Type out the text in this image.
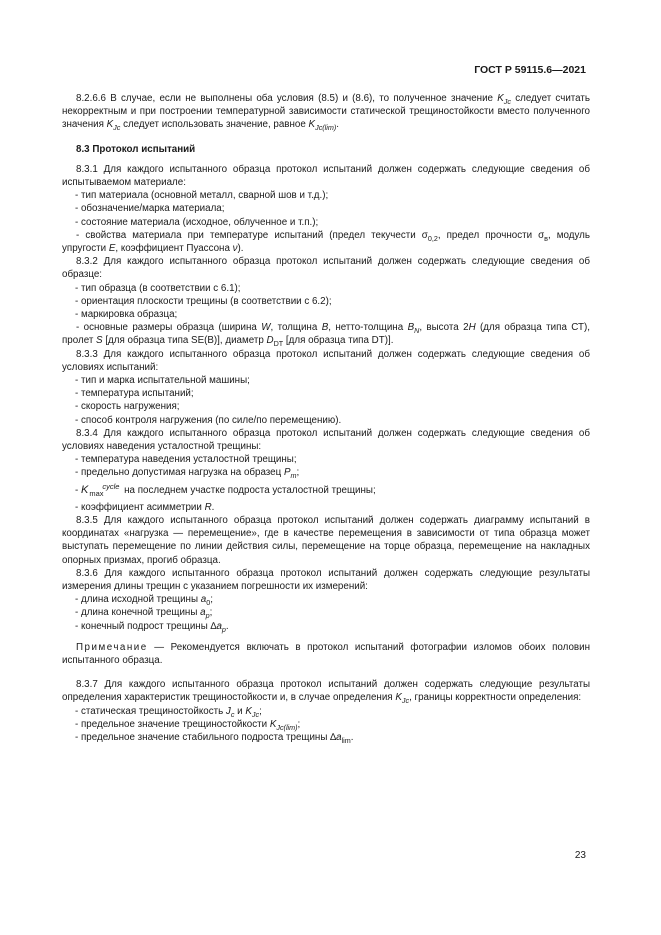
ГОСТ Р 59115.6—2021

8.2.6.6 В случае, если не выполнены оба условия (8.5) и (8.6), то полученное значение $K_{Jc}$ следует считать некорректным и при построении температурной зависимости статической трещиностойкости вместо полученного значения $K_{Jc}$ следует использовать значение, равное $K_{Jc(lim)}$.

8.3 Протокол испытаний

8.3.1 Для каждого испытанного образца протокол испытаний должен содержать следующие сведения об испытываемом материале:

- тип материала (основной металл, сварной шов и т.д.);

- обозначение/марка материала;

- состояние материала (исходное, облученное и т.п.);

- свойства материала при температуре испытаний (предел текучести $\sigma_{0,2}$, предел прочности $\sigma_в$, модуль упругости E, коэффициент Пуассона ν).

8.3.2 Для каждого испытанного образца протокол испытаний должен содержать следующие сведения об образце:

- тип образца (в соответствии с 6.1);

- ориентация плоскости трещины (в соответствии с 6.2);

- маркировка образца;

- основные размеры образца (ширина W, толщина B, нетто-толщина $B_N$, высота 2H (для образца типа СТ), пролет S [для образца типа SE(B)], диаметр $D_{DT}$ [для образца типа DT)].

8.3.3 Для каждого испытанного образца протокол испытаний должен содержать следующие сведения об условиях испытаний:

- тип и марка испытательной машины;

- температура испытаний;

- скорость нагружения;

- способ контроля нагружения (по силе/по перемещению).

8.3.4 Для каждого испытанного образца протокол испытаний должен содержать следующие сведения об условиях наведения усталостной трещины:

- температура наведения усталостной трещины;

- предельно допустимая нагрузка на образец $P_m$;

- K cycle
max на последнем участке подроста усталостной трещины;

- коэффициент асимметрии R.

8.3.5 Для каждого испытанного образца протокол испытаний должен содержать диаграмму испытаний в координатах «нагрузка — перемещение», где в качестве перемещения в зависимости от типа образца может выступать перемещение по линии действия силы, перемещение на торце образца, перемещение на накладных опорных призмах, прогиб образца.

8.3.6 Для каждого испытанного образца протокол испытаний должен содержать следующие результаты измерения длины трещин с указанием погрешности их измерений:

- длина исходной трещины $a_0$;

- длина конечной трещины $a_p$;

- конечный подрост трещины $\Delta a_p$.

Примечание — Рекомендуется включать в протокол испытаний фотографии изломов обоих половин испытанного образца.

8.3.7 Для каждого испытанного образца протокол испытаний должен содержать следующие результаты определения характеристик трещиностойкости и, в случае определения $K_{Jc}$, границы корректности определения:

- статическая трещиностойкость $J_c$ и $K_{Jc}$;

- предельное значение трещиностойкости $K_{Jc(lim)}$;

- предельное значение стабильного подроста трещины $\Delta a_{lim}$.

23
